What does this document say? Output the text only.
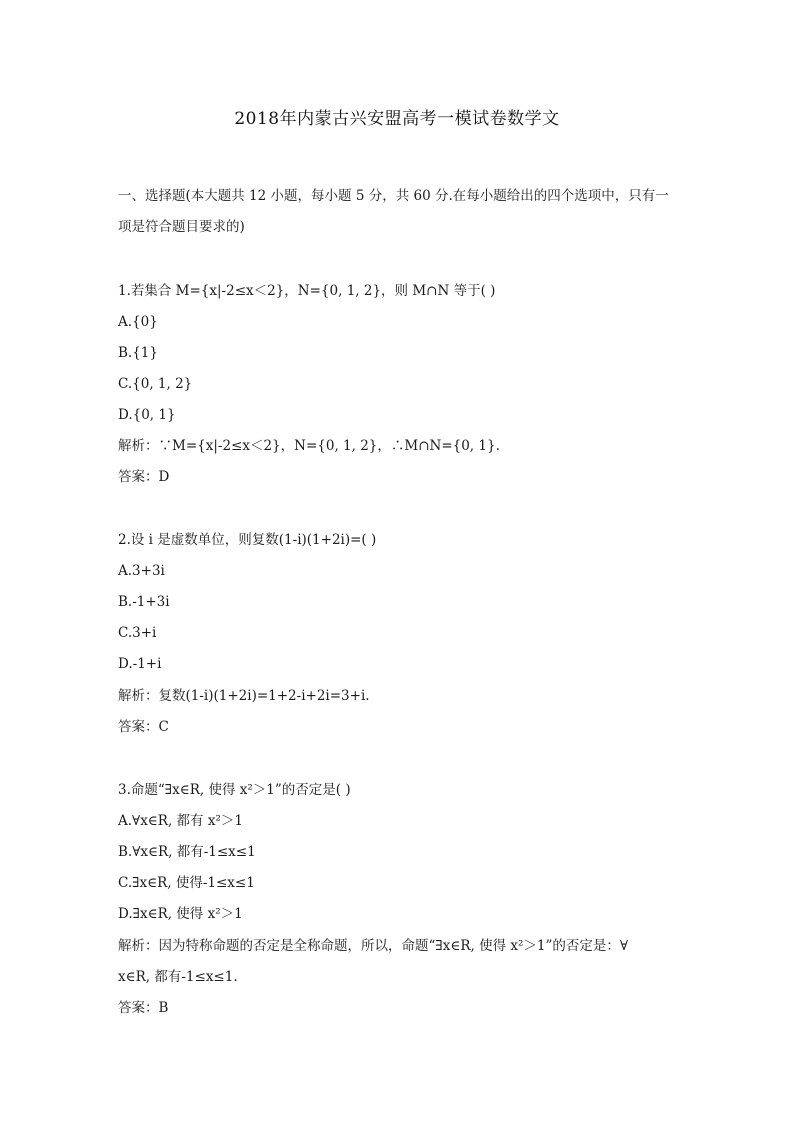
2018年内蒙古兴安盟高考一模试卷数学文
一、选择题(本大题共 12 小题，每小题 5 分，共 60 分.在每小题给出的四个选项中，只有一
项是符合题目要求的)
1.若集合 M={x|-2≤x＜2}，N={0, 1, 2}，则 M∩N 等于( )
A.{0}
B.{1}
C.{0, 1, 2}
D.{0, 1}
解析：∵M={x|-2≤x＜2}，N={0, 1, 2}，∴M∩N={0, 1}.
答案：D
2.设 i 是虚数单位，则复数(1-i)(1+2i)=( )
A.3+3i
B.-1+3i
C.3+i
D.-1+i
解析：复数(1-i)(1+2i)=1+2-i+2i=3+i.
答案：C
3.命题“∃x∈R, 使得 x²＞1”的否定是( )
A.∀x∈R, 都有 x²＞1
B.∀x∈R, 都有-1≤x≤1
C.∃x∈R, 使得-1≤x≤1
D.∃x∈R, 使得 x²＞1
解析：因为特称命题的否定是全称命题，所以，命题“∃x∈R, 使得 x²＞1”的否定是：∀
x∈R, 都有-1≤x≤1.
答案：B
